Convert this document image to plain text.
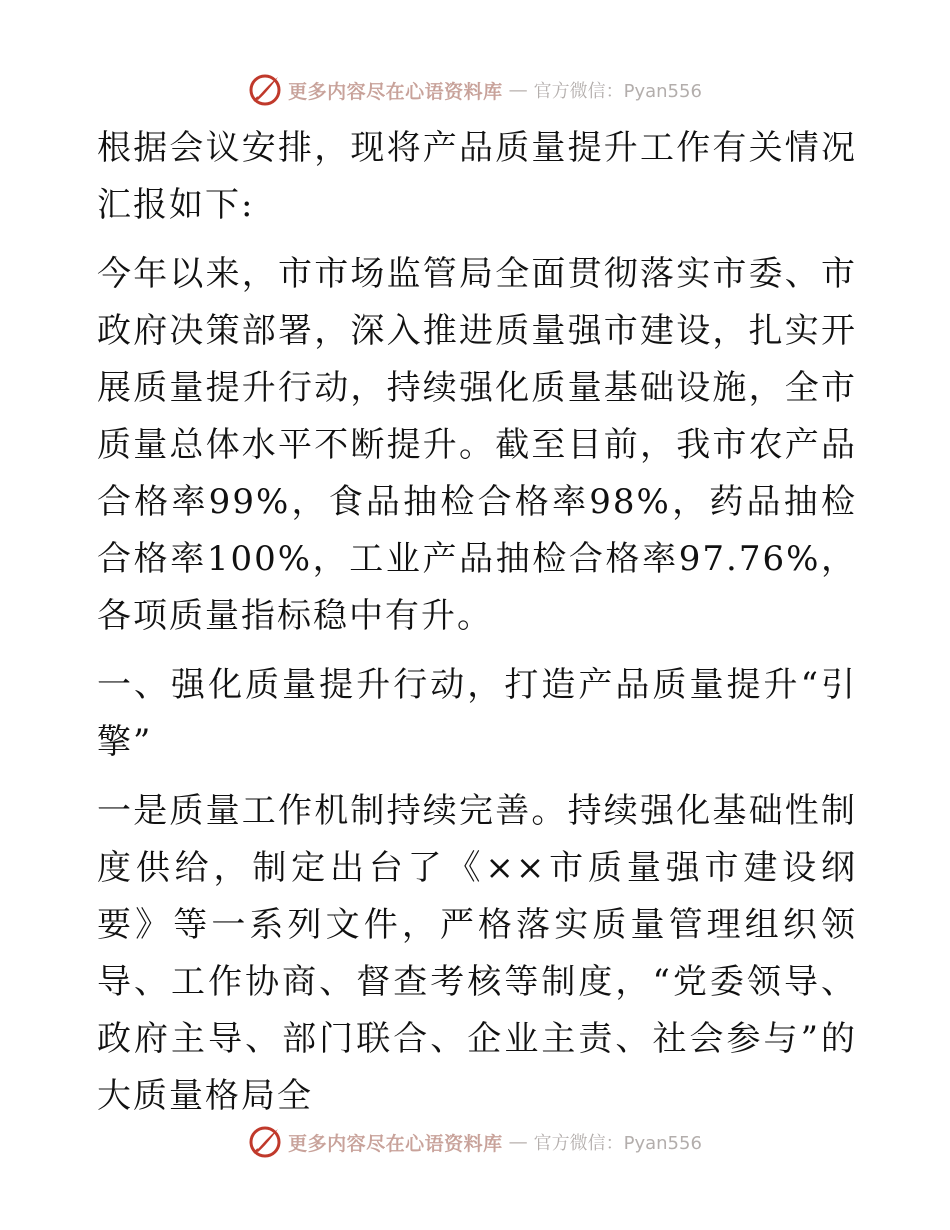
更多内容尽在心语资料库 — 官方微信：Pyan556

根据会议安排，现将产品质量提升工作有关情况汇报如下:

今年以来，市市场监管局全面贯彻落实市委、市政府决策部署，深入推进质量强市建设，扎实开展质量提升行动，持续强化质量基础设施，全市质量总体水平不断提升。截至目前，我市农产品合格率99%，食品抽检合格率98%，药品抽检合格率100%，工业产品抽检合格率97.76%，各项质量指标稳中有升。

一、强化质量提升行动，打造产品质量提升“引擎”

一是质量工作机制持续完善。持续强化基础性制度供给，制定出台了《××市质量强市建设纲要》等一系列文件，严格落实质量管理组织领导、工作协商、督查考核等制度，“党委领导、政府主导、部门联合、企业主责、社会参与”的大质量格局全

更多内容尽在心语资料库 — 官方微信：Pyan556
